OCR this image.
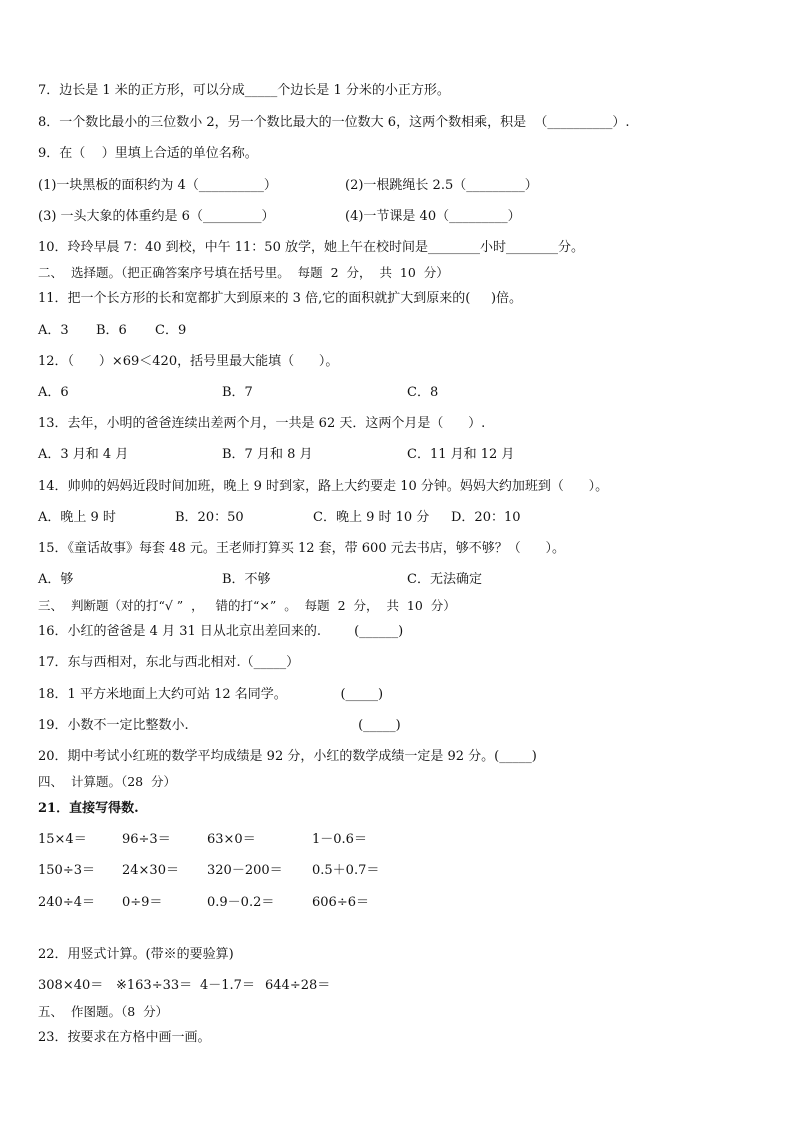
7．边长是 1 米的正方形，可以分成_____个边长是 1 分米的小正方形。
8．一个数比最小的三位数小 2，另一个数比最大的一位数大 6，这两个数相乘，积是  （__________）.
9．在（    ）里填上合适的单位名称。
(1)一块黑板的面积约为 4（__________）	(2)一根跳绳长 2.5（_________）
(3) 一头大象的体重约是 6（_________）	(4)一节课是 40（_________）
10．玲玲早晨 7：40 到校，中午 11：50 放学，她上午在校时间是________小时________分。
二、  选择题。（把正确答案序号填在括号里。  每题  2  分，  共  10  分）
11．把一个长方形的长和宽都扩大到原来的 3 倍,它的面积就扩大到原来的(     )倍。
A．3 B．6 C．9
12．（      ）×69＜420，括号里最大能填（      ）。
A．6	B．7	C．8
13．去年，小明的爸爸连续出差两个月，一共是 62 天．这两个月是（      ）.
A．3 月和 4 月	B．7 月和 8 月	C．11 月和 12 月
14．帅帅的妈妈近段时间加班，晚上 9 时到家，路上大约要走 10 分钟。妈妈大约加班到（      ）。
A．晚上 9 时	B．20：50	C．晚上 9 时 10 分 D．20：10
15．《童话故事》每套 48 元。王老师打算买 12 套，带 600 元去书店，够不够？（      ）。
A．够	B．不够	C．无法确定
三、  判断题（对的打“√ ”  ，   错的打“×”  。  每题  2  分，  共  10  分）
16．小红的爸爸是 4 月 31 日从北京出差回来的.        (______)
17．东与西相对，东北与西北相对.（_____）
18．1 平方米地面上大约可站 12 名同学。             (_____)
19．小数不一定比整数小.                                         (_____)
20．期中考试小红班的数学平均成绩是 92 分，小红的数学成绩一定是 92 分。(_____)
四、  计算题。（28  分）
21．直接写得数.
15×4＝	96÷3＝	63×0＝	1－0.6＝
150÷3＝ 24×30＝ 320－200＝ 0.5＋0.7＝
240÷4＝ 0÷9＝	0.9－0.2＝	606÷6＝
22．用竖式计算。(带※的要验算)
308×40＝ ※163÷33＝ 4－1.7＝ 644÷28＝
五、  作图题。（8  分）
23．按要求在方格中画一画。
